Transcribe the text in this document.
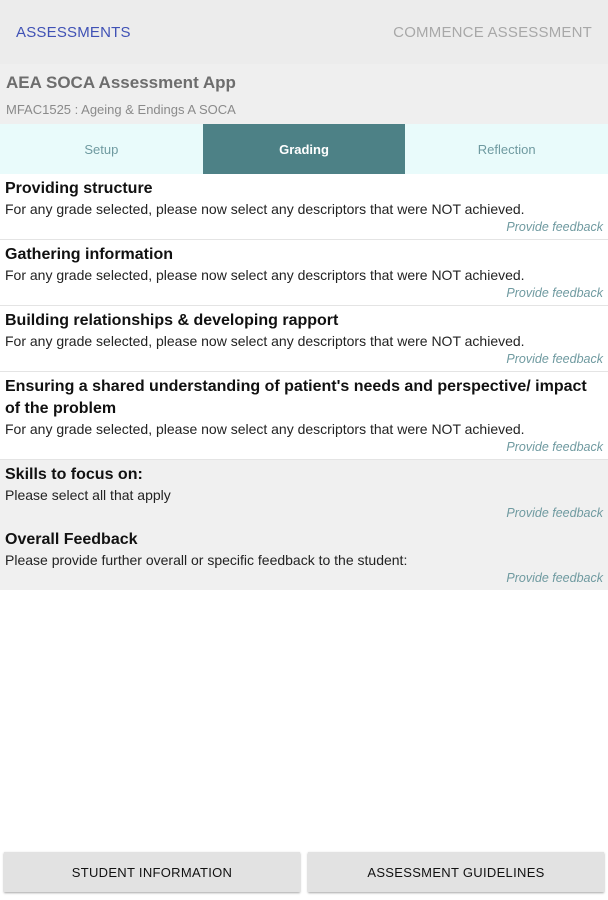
ASSESSMENTS	COMMENCE ASSESSMENT
AEA SOCA Assessment App
MFAC1525 : Ageing & Endings A SOCA
Setup	Grading	Reflection
Providing structure
For any grade selected, please now select any descriptors that were NOT achieved.
Provide feedback
Gathering information
For any grade selected, please now select any descriptors that were NOT achieved.
Provide feedback
Building relationships & developing rapport
For any grade selected, please now select any descriptors that were NOT achieved.
Provide feedback
Ensuring a shared understanding of patient's needs and perspective/ impact of the problem
For any grade selected, please now select any descriptors that were NOT achieved.
Provide feedback
Skills to focus on:
Please select all that apply
Provide feedback
Overall Feedback
Please provide further overall or specific feedback to the student:
Provide feedback
STUDENT INFORMATION	ASSESSMENT GUIDELINES
